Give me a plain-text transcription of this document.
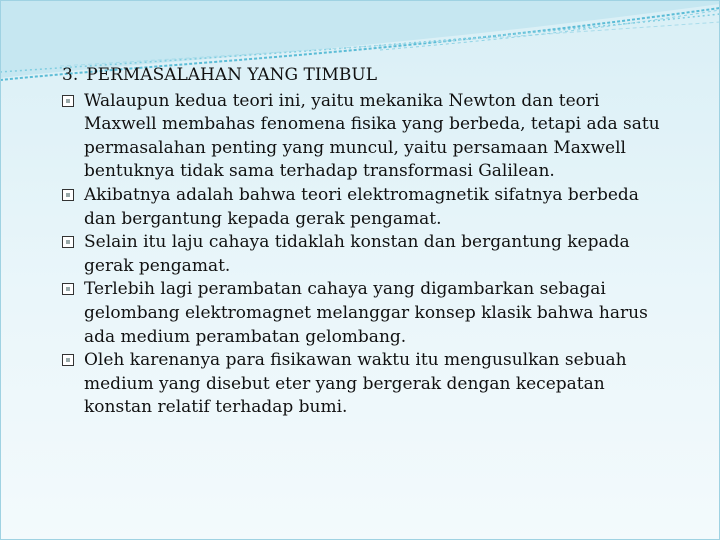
3. PERMASALAHAN YANG TIMBUL

Walaupun kedua teori ini, yaitu mekanika Newton dan teori Maxwell membahas fenomena fisika yang berbeda, tetapi ada satu permasalahan penting yang muncul, yaitu persamaan Maxwell bentuknya tidak sama terhadap transformasi Galilean.
Akibatnya adalah bahwa teori elektromagnetik sifatnya berbeda dan bergantung kepada gerak pengamat.
Selain itu laju cahaya tidaklah konstan dan bergantung kepada gerak pengamat.
Terlebih lagi perambatan cahaya yang digambarkan sebagai gelombang elektromagnet melanggar konsep klasik bahwa harus ada medium perambatan gelombang.
Oleh karenanya para fisikawan waktu itu mengusulkan sebuah medium yang disebut eter yang bergerak dengan kecepatan konstan relatif terhadap bumi.
